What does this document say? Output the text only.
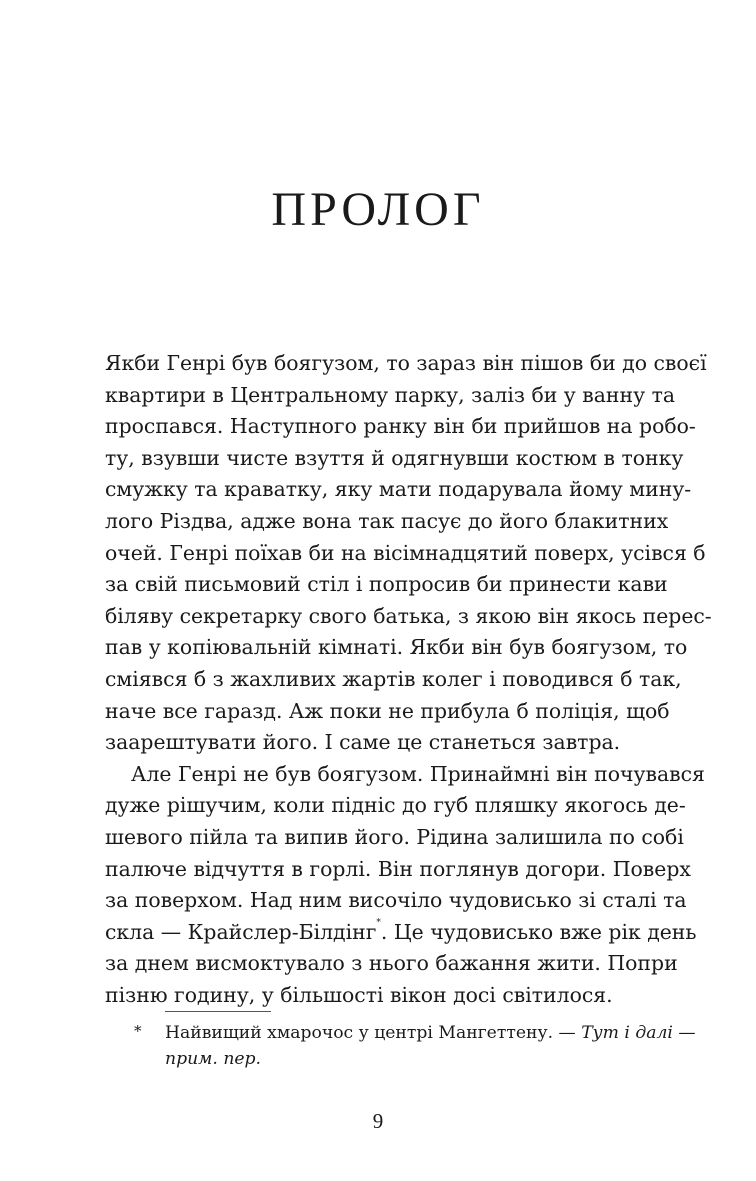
ПРОЛОГ
Якби Генрі був боягузом, то зараз він пішов би до своєї
квартири в Центральному парку, заліз би у ванну та
проспався. Наступного ранку він би прийшов на робо-
ту, взувши чисте взуття й одягнувши костюм в тонку
смужку та краватку, яку мати подарувала йому мину-
лого Різдва, адже вона так пасує до його блакитних
очей. Генрі поїхав би на вісімнадцятий поверх, усівся б
за свій письмовий стіл і попросив би принести кави
біляву секретарку свого батька, з якою він якось перес-
пав у копіювальній кімнаті. Якби він був боягузом, то
сміявся б з жахливих жартів колег і поводився б так,
наче все гаразд. Аж поки не прибула б поліція, щоб
заарештувати його. І саме це станеться завтра.
Але Генрі не був боягузом. Принаймні він почувався
дуже рішучим, коли підніс до губ пляшку якогось де-
шевого пійла та випив його. Рідина залишила по собі
палюче відчуття в горлі. Він поглянув догори. Поверх
за поверхом. Над ним височіло чудовисько зі сталі та
скла — Крайслер-Білдінг*. Це чудовисько вже рік день
за днем висмоктувало з нього бажання жити. Попри
пізню годину, у більшості вікон досі світилося.
* Найвищий хмарочос у центрі Мангеттену. — Тут і далі —
прим. пер.
9
